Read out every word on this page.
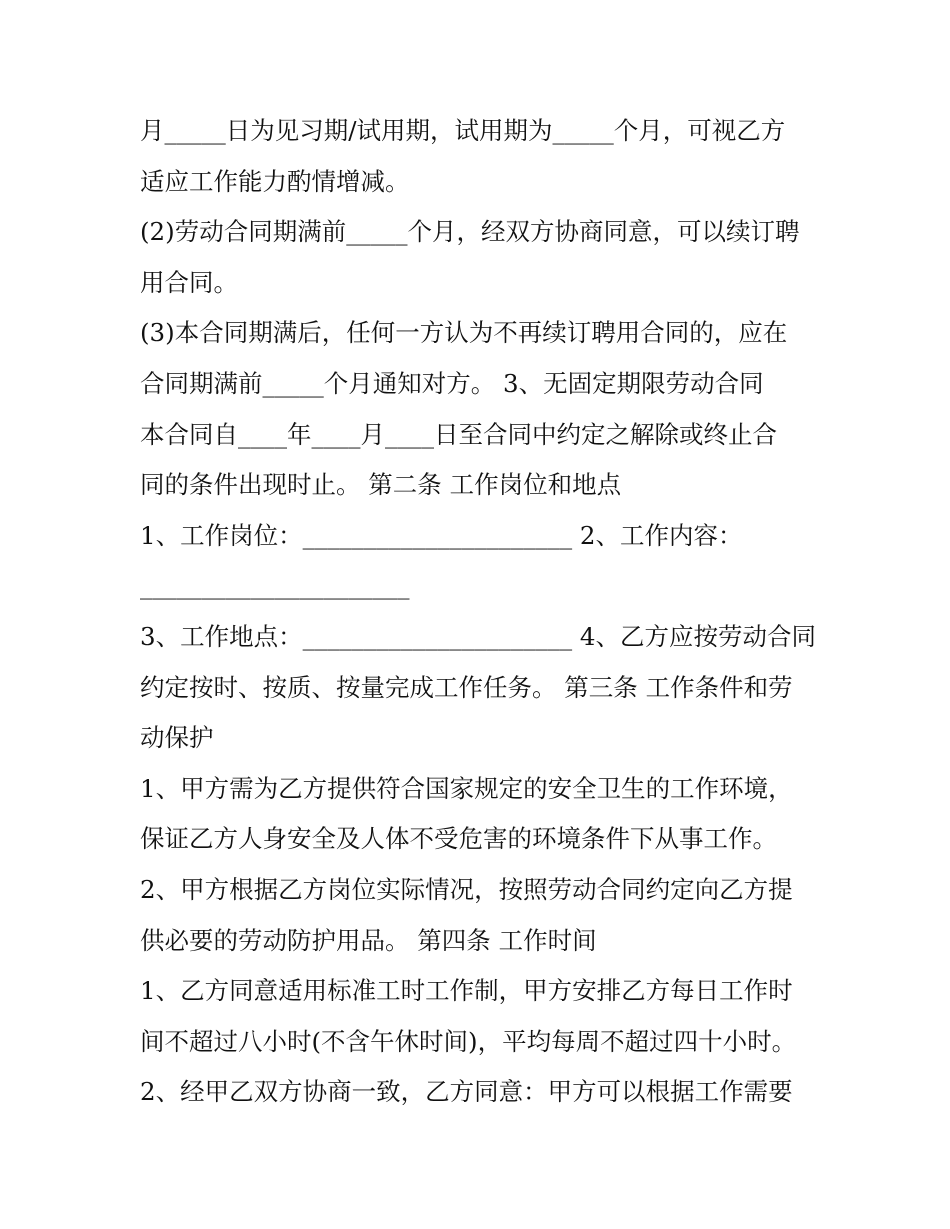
月_____日为见习期/试用期，试用期为_____个月，可视乙方
适应工作能力酌情增减。
(2)劳动合同期满前_____个月，经双方协商同意，可以续订聘
用合同。
(3)本合同期满后，任何一方认为不再续订聘用合同的，应在
合同期满前_____个月通知对方。 3、无固定期限劳动合同
本合同自____年____月____日至合同中约定之解除或终止合
同的条件出现时止。 第二条 工作岗位和地点
1、工作岗位：______________________ 2、工作内容：
______________________
3、工作地点：______________________ 4、乙方应按劳动合同
约定按时、按质、按量完成工作任务。 第三条 工作条件和劳
动保护
1、甲方需为乙方提供符合国家规定的安全卫生的工作环境，
保证乙方人身安全及人体不受危害的环境条件下从事工作。
2、甲方根据乙方岗位实际情况，按照劳动合同约定向乙方提
供必要的劳动防护用品。 第四条 工作时间
1、乙方同意适用标准工时工作制，甲方安排乙方每日工作时
间不超过八小时(不含午休时间)，平均每周不超过四十小时。
2、经甲乙双方协商一致，乙方同意：甲方可以根据工作需要
